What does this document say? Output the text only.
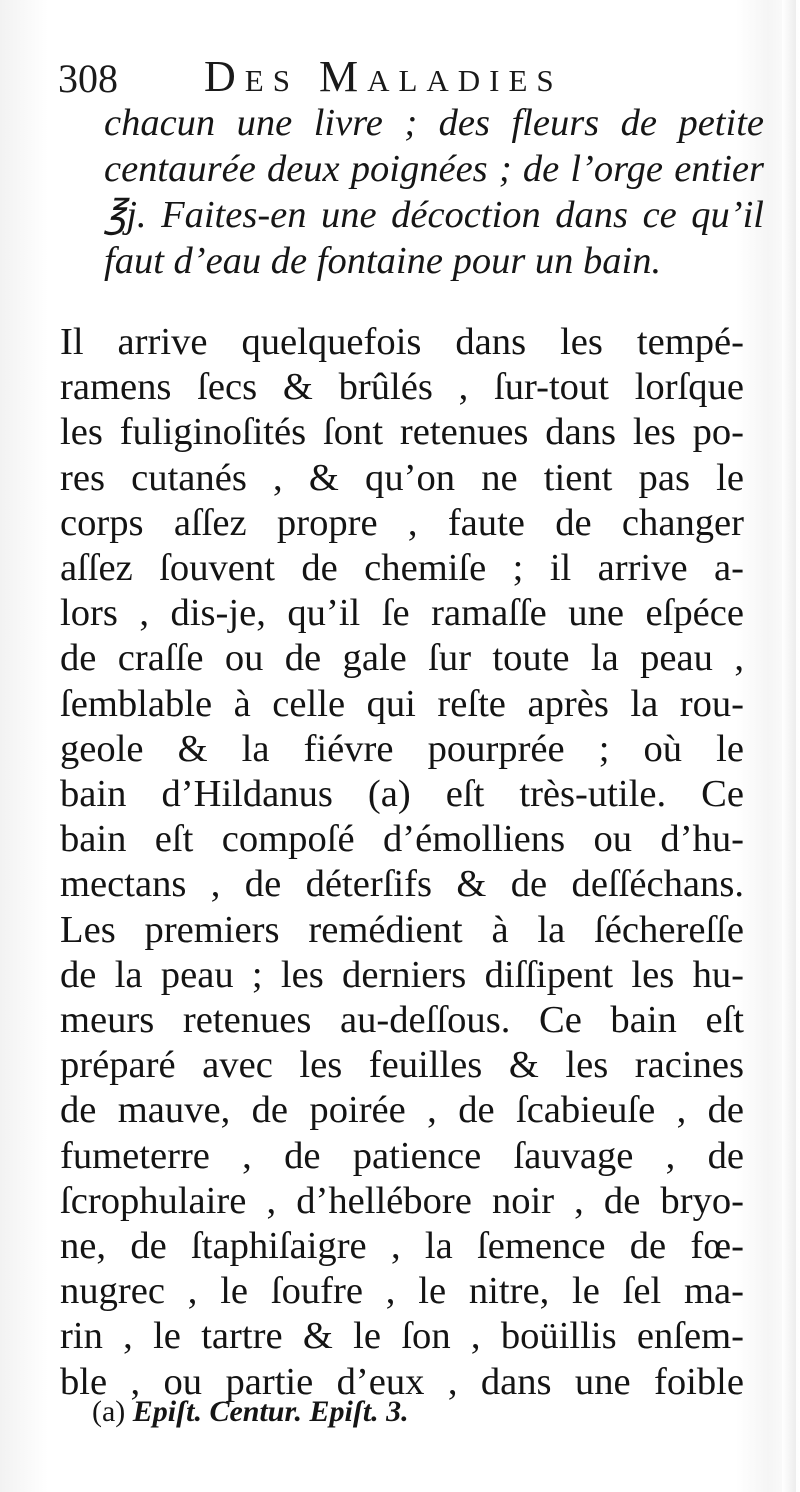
308 Des Maladies
chacun une livre ; des fleurs de petite
centaurée deux poignées ; de l’orge entier
℥j. Faites-en une décoction dans ce qu’il
faut d’eau de fontaine pour un bain.
Il arrive quelquefois dans les tempé-
ramens ſecs & brûlés , ſur-tout lorſque
les fuliginoſités ſont retenues dans les po-
res cutanés , & qu’on ne tient pas le
corps aſſez propre , faute de changer
aſſez ſouvent de chemiſe ; il arrive a-
lors , dis-je, qu’il ſe ramaſſe une eſpéce
de craſſe ou de gale ſur toute la peau ,
ſemblable à celle qui reſte après la rou-
geole & la fiévre pourprée ; où le
bain d’Hildanus (a) eſt très-utile. Ce
bain eſt compoſé d’émolliens ou d’hu-
mectans , de déterſifs & de deſſéchans.
Les premiers remédient à la ſéchereſſe
de la peau ; les derniers diſſipent les hu-
meurs retenues au-deſſous. Ce bain eſt
préparé avec les feuilles & les racines
de mauve, de poirée , de ſcabieuſe , de
fumeterre , de patience ſauvage , de
ſcrophulaire , d’hellébore noir , de bryo-
ne, de ſtaphiſaigre , la ſemence de fœ-
nugrec , le ſoufre , le nitre, le ſel ma-
rin , le tartre & le ſon , boüillis enſem-
ble , ou partie d’eux , dans une foible
(a) Epiſt. Centur. Epiſt. 3.
